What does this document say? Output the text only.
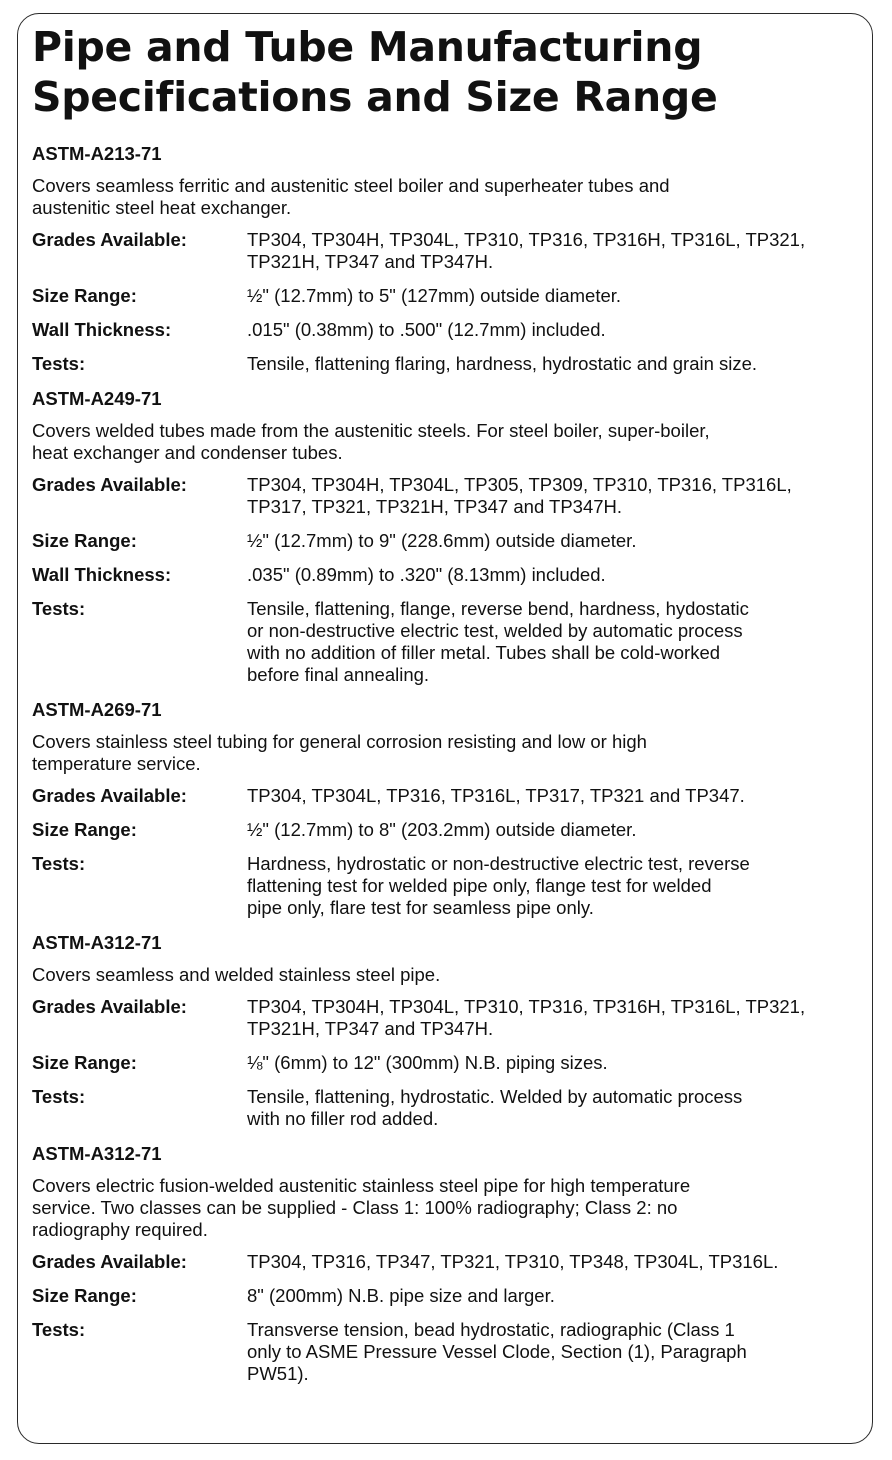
Pipe and Tube Manufacturing
Specifications and Size Range
ASTM-A213-71
Covers seamless ferritic and austenitic steel boiler and superheater tubes and
austenitic steel heat exchanger.
Grades Available:	TP304, TP304H, TP304L, TP310, TP316, TP316H, TP316L, TP321,
TP321H, TP347 and TP347H.
Size Range:	½" (12.7mm) to 5" (127mm) outside diameter.
Wall Thickness:	.015" (0.38mm) to .500" (12.7mm) included.
Tests:	Tensile, flattening flaring, hardness, hydrostatic and grain size.
ASTM-A249-71
Covers welded tubes made from the austenitic steels. For steel boiler, super-boiler,
heat exchanger and condenser tubes.
Grades Available:	TP304, TP304H, TP304L, TP305, TP309, TP310, TP316, TP316L,
TP317, TP321, TP321H, TP347 and TP347H.
Size Range:	½" (12.7mm) to 9" (228.6mm) outside diameter.
Wall Thickness:	.035" (0.89mm) to .320" (8.13mm) included.
Tests:	Tensile, flattening, flange, reverse bend, hardness, hydostatic
or non-destructive electric test, welded by automatic process
with no addition of filler metal. Tubes shall be cold-worked
before final annealing.
ASTM-A269-71
Covers stainless steel tubing for general corrosion resisting and low or high
temperature service.
Grades Available:	TP304, TP304L, TP316, TP316L, TP317, TP321 and TP347.
Size Range:	½" (12.7mm) to 8" (203.2mm) outside diameter.
Tests:	Hardness, hydrostatic or non-destructive electric test, reverse
flattening test for welded pipe only, flange test for welded
pipe only, flare test for seamless pipe only.
ASTM-A312-71
Covers seamless and welded stainless steel pipe.
Grades Available:	TP304, TP304H, TP304L, TP310, TP316, TP316H, TP316L, TP321,
TP321H, TP347 and TP347H.
Size Range:	⅛" (6mm) to 12" (300mm) N.B. piping sizes.
Tests:	Tensile, flattening, hydrostatic. Welded by automatic process
with no filler rod added.
ASTM-A312-71
Covers electric fusion-welded austenitic stainless steel pipe for high temperature
service. Two classes can be supplied - Class 1: 100% radiography; Class 2: no
radiography required.
Grades Available:	TP304, TP316, TP347, TP321, TP310, TP348, TP304L, TP316L.
Size Range:	8" (200mm) N.B. pipe size and larger.
Tests:	Transverse tension, bead hydrostatic, radiographic (Class 1
only to ASME Pressure Vessel Clode, Section (1), Paragraph
PW51).
